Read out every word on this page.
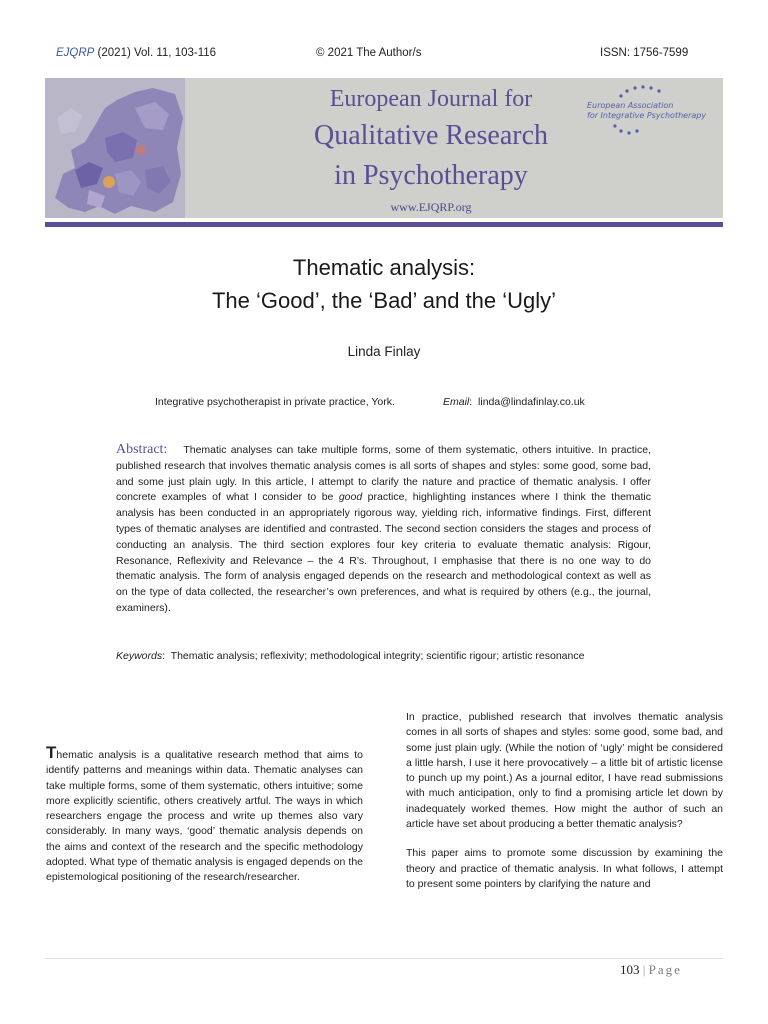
EJQRP (2021) Vol. 11, 103-116	© 2021 The Author/s	ISSN: 1756-7599
European Journal for
Qualitative Research
in Psychotherapy
www.EJQRP.org
European Association
for Integrative Psychotherapy
Thematic analysis:
The ‘Good’, the ‘Bad’ and the ‘Ugly’
Linda Finlay
Integrative psychotherapist in private practice, York.	Email:  linda@lindafinlay.co.uk
Abstract: Thematic analyses can take multiple forms, some of them systematic, others intuitive. In practice, published research that involves thematic analysis comes is all sorts of shapes and styles: some good, some bad, and some just plain ugly. In this article, I attempt to clarify the nature and practice of thematic analysis. I offer concrete examples of what I consider to be good practice, highlighting instances where I think the thematic analysis has been conducted in an appropriately rigorous way, yielding rich, informative findings. First, different types of thematic analyses are identified and contrasted. The second section considers the stages and process of conducting an analysis. The third section explores four key criteria to evaluate thematic analysis: Rigour, Resonance, Reflexivity and Relevance – the 4 R’s. Throughout, I emphasise that there is no one way to do thematic analysis. The form of analysis engaged depends on the research and methodological context as well as on the type of data collected, the researcher’s own preferences, and what is required by others (e.g., the journal, examiners).
Keywords:  Thematic analysis; reflexivity; methodological integrity; scientific rigour; artistic resonance

Thematic analysis is a qualitative research method that aims to identify patterns and meanings within data. Thematic analyses can take multiple forms, some of them systematic, others intuitive; some more explicitly scientific, others creatively artful. The ways in which researchers engage the process and write up themes also vary considerably. In many ways, ‘good’ thematic analysis depends on the aims and context of the research and the specific methodology adopted. What type of thematic analysis is engaged depends on the epistemological positioning of the research/researcher.

In practice, published research that involves thematic analysis comes in all sorts of shapes and styles: some good, some bad, and some just plain ugly. (While the notion of ‘ugly’ might be considered a little harsh, I use it here provocatively – a little bit of artistic license to punch up my point.) As a journal editor, I have read submissions with much anticipation, only to find a promising article let down by inadequately worked themes. How might the author of such an article have set about producing a better thematic analysis?

This paper aims to promote some discussion by examining the theory and practice of thematic analysis. In what follows, I attempt to present some pointers by clarifying the nature and

103 | Page
